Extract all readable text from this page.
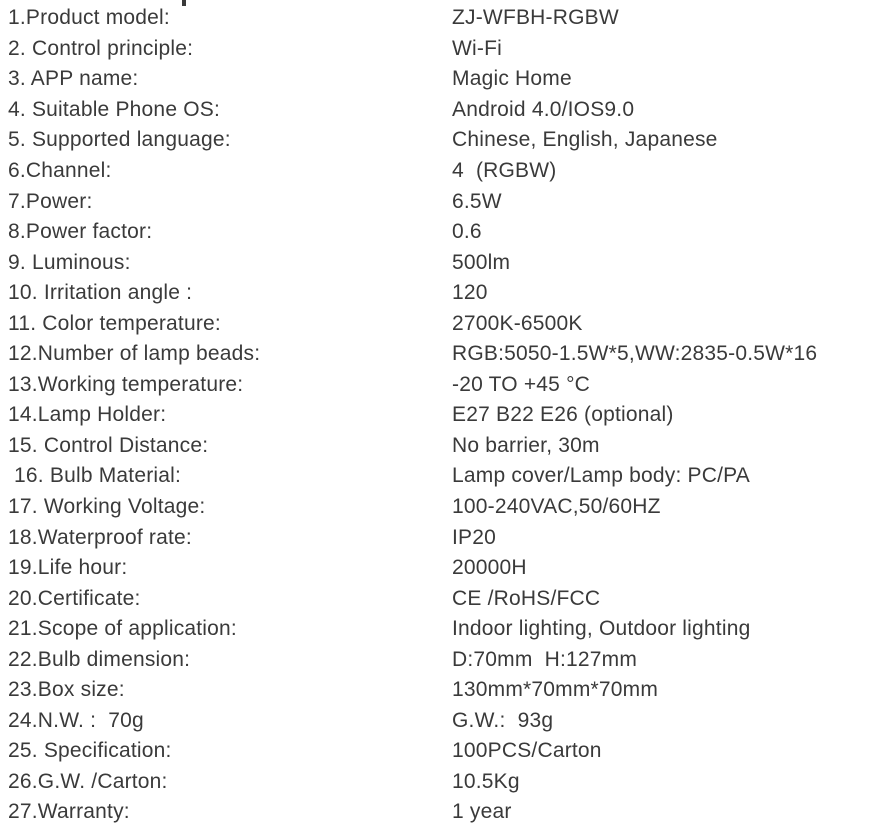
1.Product model:	ZJ-WFBH-RGBW
2. Control principle:	Wi-Fi
3. APP name:	Magic Home
4. Suitable Phone OS:	Android 4.0/IOS9.0
5. Supported language:	Chinese, English, Japanese
6.Channel:	4  (RGBW)
7.Power:	6.5W
8.Power factor:	0.6
9. Luminous:	500lm
10. Irritation angle :	120
11. Color temperature:	2700K-6500K
12.Number of lamp beads:	RGB:5050-1.5W*5,WW:2835-0.5W*16
13.Working temperature:	-20 TO +45 °C
14.Lamp Holder:	E27 B22 E26 (optional)
15. Control Distance:	No barrier, 30m
16. Bulb Material:	Lamp cover/Lamp body: PC/PA
17. Working Voltage:	100-240VAC,50/60HZ
18.Waterproof rate:	IP20
19.Life hour:	20000H
20.Certificate:	CE /RoHS/FCC
21.Scope of application:	Indoor lighting, Outdoor lighting
22.Bulb dimension:	D:70mm  H:127mm
23.Box size:	130mm*70mm*70mm
24.N.W. :  70g	G.W.:  93g
25. Specification:	100PCS/Carton
26.G.W. /Carton:	10.5Kg
27.Warranty:	1 year
